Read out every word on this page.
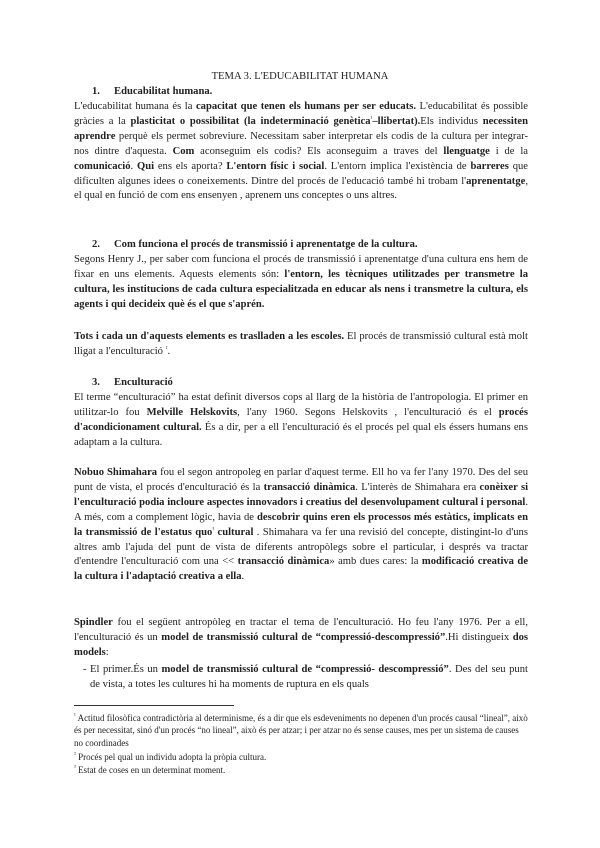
TEMA 3. L'EDUCABILITAT HUMANA

1. Educabilitat humana.

L'educabilitat humana és la capacitat que tenen els humans per ser educats. L'educabilitat és possible gràcies a la plasticitat o possibilitat (la indeterminació genètica$^{^1}$–llibertat).Els individus necessiten aprendre perquè els permet sobreviure. Necessitam saber interpretar els codis de la cultura per integrar-nos dintre d'aquesta. Com aconseguim els codis? Els aconseguim a traves del llenguatge i de la comunicació. Qui ens els aporta? L'entorn físic i social. L'entorn implica l'existència de barreres que dificulten algunes idees o coneixements. Dintre del procés de l'educació també hi trobam l'aprenentatge, el qual en funció de com ens ensenyen , aprenem uns conceptes o uns altres.

2. Com funciona el procés de transmissió i aprenentatge de la cultura.

Segons Henry J., per saber com funciona el procés de transmissió i aprenentatge d'una cultura ens hem de fixar en uns elements. Aquests elements són: l'entorn, les tècniques utilitzades per transmetre la cultura, les institucions de cada cultura especialitzada en educar als nens i transmetre la cultura, els agents i qui decideix què és el que s'aprén.

Tots i cada un d'aquests elements es traslladen a les escoles. El procés de transmissió cultural està molt lligat a l'enculturació $^{^2}$.

3. Enculturació

El terme “enculturació” ha estat definit diversos cops al llarg de la història de l'antropologia. El primer en utilitzar-lo fou Melville Helskovits, l'any 1960. Segons Helskovits , l'enculturació és el procés d'acondicionament cultural. És a dir, per a ell l'enculturació és el procés pel qual els éssers humans ens adaptam a la cultura.

Nobuo Shimahara fou el segon antropoleg en parlar d'aquest terme. Ell ho va fer l'any 1970. Des del seu punt de vista, el procés d'enculturació és la transacció dinàmica. L'interès de Shimahara era conèixer si l'enculturació podia incloure aspectes innovadors i creatius del desenvolupament cultural i personal. A més, com a complement lògic, havia de descobrir quins eren els processos més estàtics, implicats en la transmissió de l'estatus quo$^{^3}$ cultural . Shimahara va fer una revisió del concepte, distingint-lo d'uns altres amb l'ajuda del punt de vista de diferents antropòlegs sobre el particular, i després va tractar d'entendre l'enculturació com una << transacció dinàmica» amb dues cares: la modificació creativa de la cultura i l'adaptació creativa a ella.

Spindler fou el següent antropòleg en tractar el tema de l'enculturació. Ho feu l'any 1976. Per a ell, l'enculturació és un model de transmissió cultural de “compressió-descompressió”.Hi distingueix dos models:

- El primer.És un model de transmissió cultural de “compressió- descompressió”. Des del seu punt de vista, a totes les cultures hi ha moments de ruptura en els quals

$^{^1}$ Actitud filosòfica contradictòria al determinisme, és a dir que els esdeveniments no depenen d'un procés causal “lineal”, això és per necessitat, sinó d'un procés “no lineal”, això és per atzar; i per atzar no és sense causes, mes per un sistema de causes no coordinades

$^{^2}$ Procés pel qual un individu adopta la pròpia cultura.

$^{^3}$ Estat de coses en un determinat moment.
